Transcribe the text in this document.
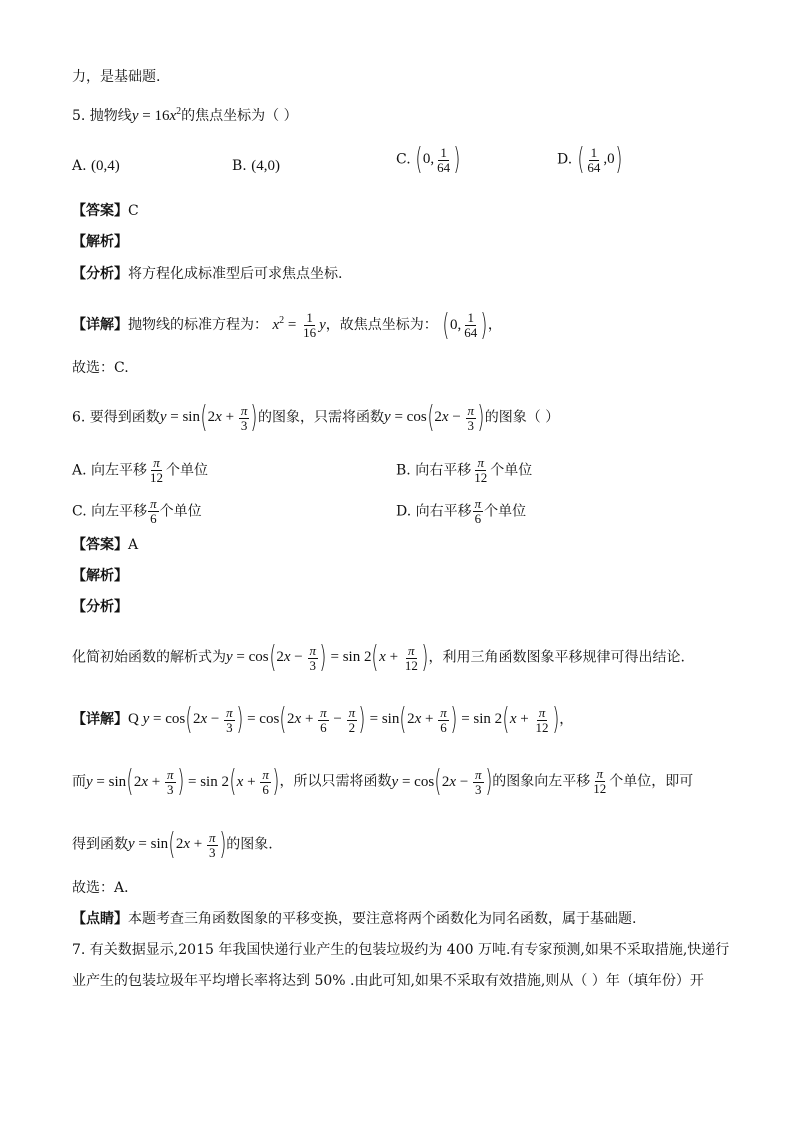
力，是基础题.
5. 抛物线$y = 16x^2$的焦点坐标为（ ）
A. (0,4)	B. (4,0)	C. (0, $\frac{1}{64}$ )	D. ( $\frac{1}{64} ,0$)
【答案】C
【解析】
【分析】将方程化成标准型后可求焦点坐标.
【详解】抛物线的标准方程为： $x^2 = \frac{1}{16}$ y，故焦点坐标为： (0, $\frac{1}{64}$ )，
故选：C.
6. 要得到函数$y = \sin(2x + \frac{\pi}{3}$ )的图象，只需将函数$y = \cos(2x - \frac{\pi}{3}$ )的图象（ ）
A. 向左平移 $\frac{\pi}{12}$ 个单位	B. 向右平移 $\frac{\pi}{12}$ 个单位
C. 向左平移 $\frac{\pi}{6}$ 个单位	D. 向右平移 $\frac{\pi}{6}$ 个单位
【答案】A
【解析】
【分析】
化简初始函数的解析式为$y = \cos(2x - \frac{\pi}{3}$ ) = $\sin 2(x + \frac{\pi}{12}$ )，利用三角函数图象平移规律可得出结论.
【详解】Q $y = \cos(2x - \frac{\pi}{3}$ ) = $\cos(2x + \frac{\pi}{6} - \frac{\pi}{2}$ ) = $\sin(2x + \frac{\pi}{6}$ ) = $\sin 2(x + \frac{\pi}{12}$ )，
而$y = \sin(2x + \frac{\pi}{3}$ ) = $\sin 2(x + \frac{\pi}{6}$ )，所以只需将函数$y = \cos(2x - \frac{\pi}{3}$ )的图象向左平移 $\frac{\pi}{12}$ 个单位，即可
得到函数$y = \sin(2x + \frac{\pi}{3}$ )的图象.
故选：A．
【点睛】本题考查三角函数图象的平移变换，要注意将两个函数化为同名函数，属于基础题.
7. 有关数据显示,2015 年我国快递行业产生的包装垃圾约为 400 万吨.有专家预测,如果不采取措施,快递行
业产生的包装垃圾年平均增长率将达到 50% .由此可知,如果不采取有效措施,则从（ ）年（填年份）开
